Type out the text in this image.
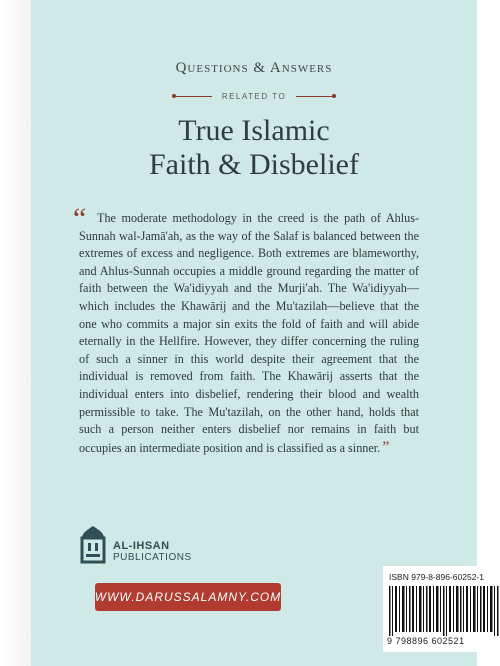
Questions & Answers
RELATED TO
True Islamic
Faith & Disbelief
“ The moderate methodology in the creed is the path of Ahlus-Sunnah wal-Jamā'ah, as the way of the Salaf is balanced between the extremes of excess and negligence. Both extremes are blameworthy, and Ahlus-Sunnah occupies a middle ground regarding the matter of faith between the Wa'idiyyah and the Murji'ah. The Wa'idiyyah—which includes the Khawārij and the Mu'tazilah—believe that the one who commits a major sin exits the fold of faith and will abide eternally in the Hellfire. However, they differ concerning the ruling of such a sinner in this world despite their agreement that the individual is removed from faith. The Khawārij asserts that the individual enters into disbelief, rendering their blood and wealth permissible to take. The Mu'tazilah, on the other hand, holds that such a person neither enters disbelief nor remains in faith but occupies an intermediate position and is classified as a sinner. ”
AL-IHSAN
PUBLICATIONS
WWW.DARUSSALAMNY.COM
ISBN 979-8-896-60252-1
9 798896 602521
